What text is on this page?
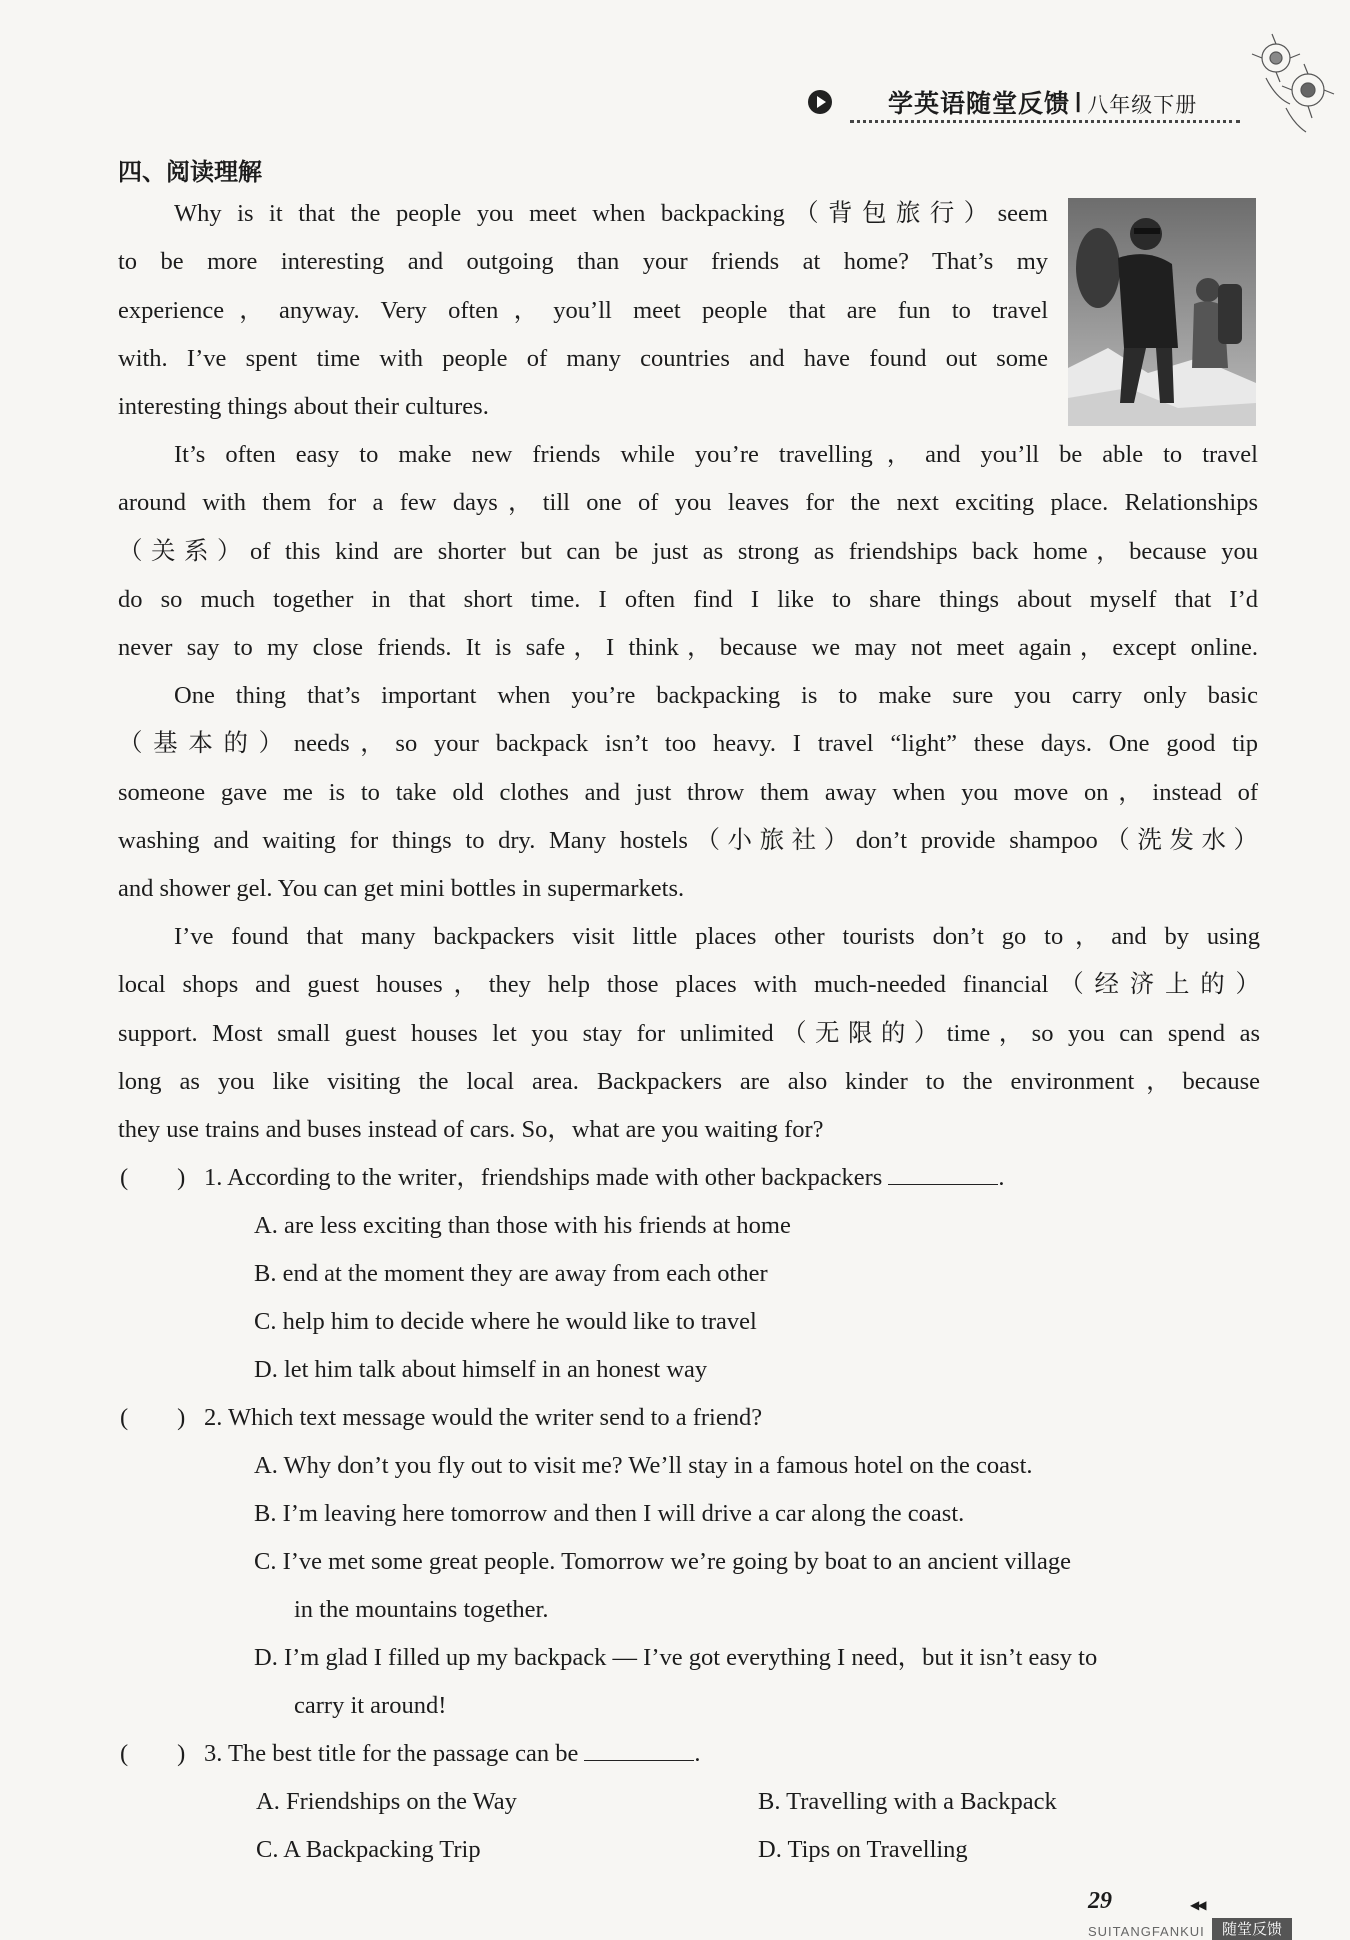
学英语随堂反馈 I 八年级下册
四、阅读理解
Why is it that the people you meet when backpacking（背包旅行）seem
to be more interesting and outgoing than your friends at home? That’s my
experience，anyway. Very often，you’ll meet people that are fun to travel
with. I’ve spent time with people of many countries and have found out some
interesting things about their cultures.
It’s often easy to make new friends while you’re travelling，and you’ll be able to travel
around with them for a few days，till one of you leaves for the next exciting place. Relationships
（关系）of this kind are shorter but can be just as strong as friendships back home，because you
do so much together in that short time. I often find I like to share things about myself that I’d
never say to my close friends. It is safe，I think，because we may not meet again，except online.
One thing that’s important when you’re backpacking is to make sure you carry only basic
（基本的）needs，so your backpack isn’t too heavy. I travel “light” these days. One good tip
someone gave me is to take old clothes and just throw them away when you move on，instead of
washing and waiting for things to dry. Many hostels（小旅社）don’t provide shampoo（洗发水）
and shower gel. You can get mini bottles in supermarkets.
I’ve found that many backpackers visit little places other tourists don’t go to，and by using
local shops and guest houses，they help those places with much-needed financial（经济上的）
support. Most small guest houses let you stay for unlimited（无限的）time，so you can spend as
long as you like visiting the local area. Backpackers are also kinder to the environment，because
they use trains and buses instead of cars. So，what are you waiting for?
(　　) 1. According to the writer，friendships made with other backpackers	.
A. are less exciting than those with his friends at home
B. end at the moment they are away from each other
C. help him to decide where he would like to travel
D. let him talk about himself in an honest way
(　　) 2. Which text message would the writer send to a friend?
A. Why don’t you fly out to visit me? We’ll stay in a famous hotel on the coast.
B. I’m leaving here tomorrow and then I will drive a car along the coast.
C. I’ve met some great people. Tomorrow we’re going by boat to an ancient village
in the mountains together.
D. I’m glad I filled up my backpack — I’ve got everything I need，but it isn’t easy to
carry it around!
(　　) 3. The best title for the passage can be	.
A. Friendships on the Way	B. Travelling with a Backpack
C. A Backpacking Trip	D. Tips on Travelling
29	◀◀
SUITANGFANKUI	随堂反馈
